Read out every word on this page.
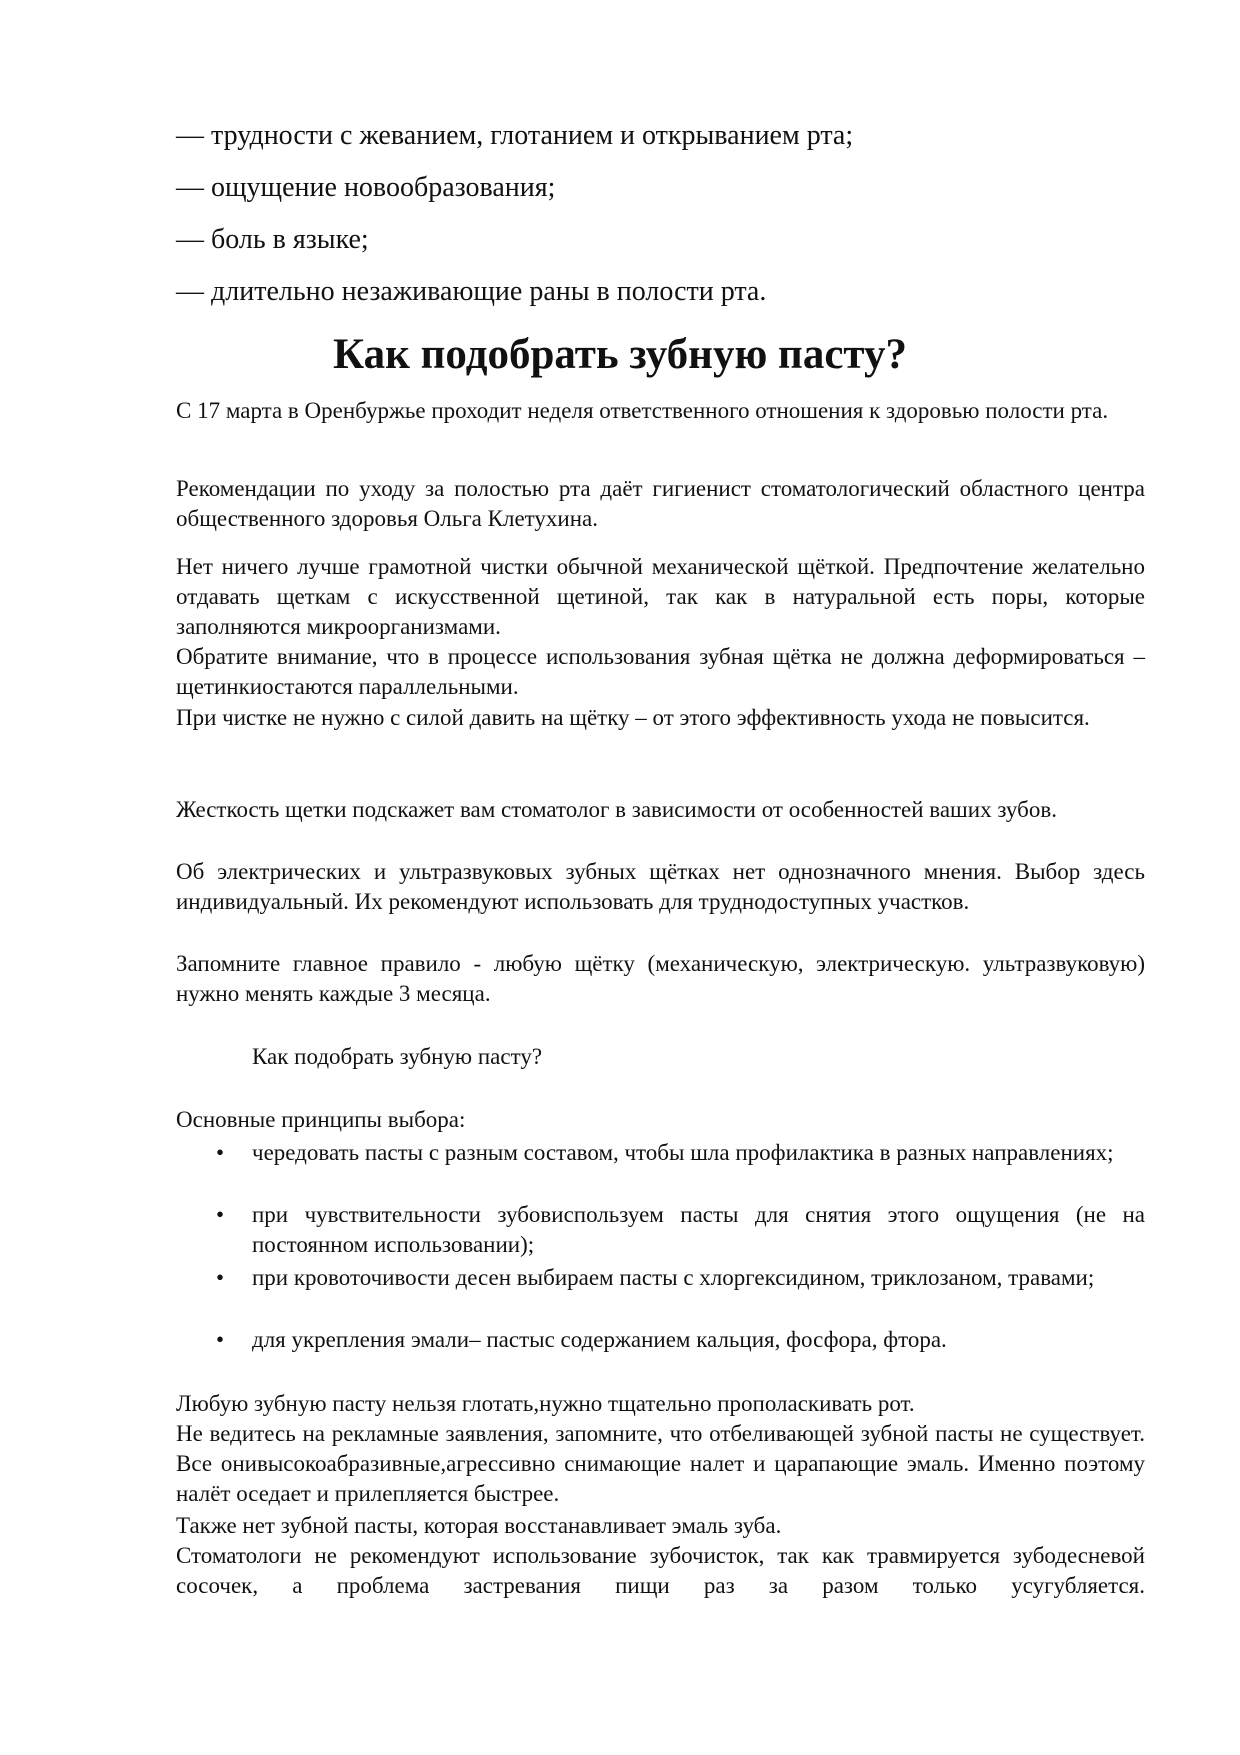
— трудности с жеванием, глотанием и открыванием рта;
— ощущение новообразования;
— боль в языке;
— длительно незаживающие раны в полости рта.
Как подобрать зубную пасту?

С 17 марта в Оренбуржье проходит неделя ответственного отношения к здоровью полости рта.

Рекомендации по уходу за полостью рта даёт гигиенист стоматологический областного центра общественного здоровья Ольга Клетухина.

Нет ничего лучше грамотной чистки обычной механической щёткой. Предпочтение желательно отдавать щеткам с искусственной щетиной, так как в натуральной есть поры, которые заполняются микроорганизмами.

Обратите внимание, что в процессе использования зубная щётка не должна деформироваться – щетинкиостаются параллельными.

При чистке не нужно с силой давить на щётку – от этого эффективность ухода не повысится.

Жесткость щетки подскажет вам стоматолог в зависимости от особенностей ваших зубов.

Об электрических и ультразвуковых зубных щётках нет однозначного мнения. Выбор здесь индивидуальный. Их рекомендуют использовать для труднодоступных участков.

Запомните главное правило - любую щётку (механическую, электрическую. ультразвуковую) нужно менять каждые 3 месяца.

Как подобрать зубную пасту?
Основные принципы выбора:
• чередовать пасты с разным составом, чтобы шла профилактика в разных направлениях;
• при чувствительности зубовиспользуем пасты для снятия этого ощущения (не на постоянном использовании);
• при кровоточивости десен выбираем пасты с хлоргексидином, триклозаном, травами;
• для укрепления эмали– пастыс содержанием кальция, фосфора, фтора.

Любую зубную пасту нельзя глотать,нужно тщательно прополаскивать рот.

Не ведитесь на рекламные заявления, запомните, что отбеливающей зубной пасты не существует. Все онивысокоабразивные,агрессивно снимающие налет и царапающие эмаль. Именно поэтому налёт оседает и прилепляется быстрее.

Также нет зубной пасты, которая восстанавливает эмаль зуба.

Стоматологи не рекомендуют использование зубочисток, так как травмируется зубодесневой сосочек, а проблема застревания пищи раз за разом только усугубляется.
